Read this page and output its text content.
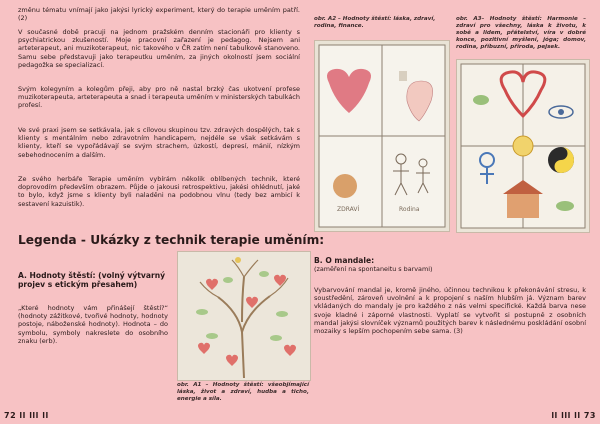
změnu tématu vnímají jako jakýsi lyrický experiment, který do terapie uměním patří.(2)

V současné době pracuji na jednom pražském denním stacionáři pro klienty s psychiatrickou zkušeností. Moje pracovní zařazení je pedagog. Nejsem ani arteterapeut, ani muzikoterapeut, nic takového v ČR zatím není tabulkově stanoveno. Samu sebe představuji jako terapeutku uměním, za jiných okolností jsem sociální pedagožka se specializací.

Svým kolegyním a kolegům přeji, aby pro ně nastal brzký čas ukotvení profese muzikoterapeuta, arteterapeuta a snad i terapeuta uměním v ministerských tabulkách profesí.

Ve své praxi jsem se setkávala, jak s cílovou skupinou tzv. zdravých dospělých, tak s klienty s mentálním nebo zdravotním handicapem, nejdéle se však setkávám s klienty, kteří se vypořádávají se svým strachem, úzkostí, depresí, mánií, nízkým sebehodnocením a dalším.

Ze svého herbáře Terapie uměním vybírám několik oblíbených technik, které doprovodím především obrazem. Půjde o jakousi retrospektivu, jakési ohlédnutí, jaké to bylo, když jsme s klienty byli naladěni na podobnou vlnu (tedy bez ambicí k sestavení kazuistik).

Legenda - Ukázky z technik terapie uměním:

A. Hodnoty štěstí: (volný výtvarný projev s etickým přesahem)

„Které hodnoty vám přinášejí štěstí?“ (hodnoty zážitkové, tvořivé hodnoty, hodnoty postoje, náboženské hodnoty). Hodnota – do symbolu, symboly nakreslete do osobního znaku (erb).

obr. A1 – Hodnoty štěstí: všeobjímající láska, život a zdraví, hudba a ticho, energie a síla.

72 ll lll ll

obr. A2 – Hodnoty štěstí: láska, zdraví, rodina, finance.

ZDRAVÍ	Rodina

obr. A3– Hodnoty štěstí: Harmonie – zdraví pro všechny, láska k životu, k sobě a lidem, přátelství, víra v dobré konce, pozitivní myšlení, jóga; domov, rodina, příbuzní, příroda, pejsek.

B. O mandale:

(zaměření na spontaneitu s barvami)

Vybarvování mandal je, kromě jiného, účinnou technikou k překonávání stresu, k soustředění, zároveň uvolnění a k propojení s naším hlubším já. Význam barev vkládaných do mandaly je pro každého z nás velmi specifické. Každá barva nese svoje kladné i záporné vlastnosti. Vyplatí se vytvořit si postupně z osobních mandal jakýsi slovníček významů použitých barev k následnému poskládání osobní mozaiky s lepším pochopením sebe sama. (3)

ll lll ll 73
